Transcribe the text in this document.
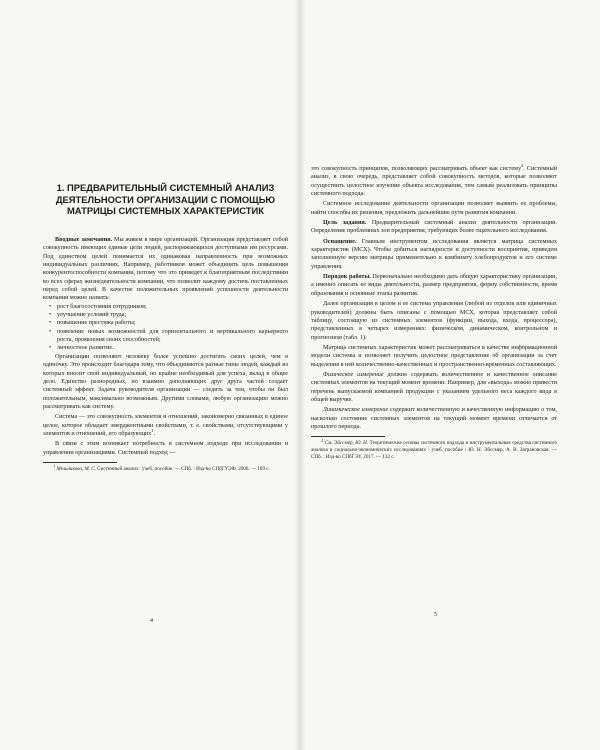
1. ПРЕДВАРИТЕЛЬНЫЙ СИСТЕМНЫЙ АНАЛИЗ ДЕЯТЕЛЬНОСТИ ОРГАНИЗАЦИИ С ПОМОЩЬЮ МАТРИЦЫ СИСТЕМНЫХ ХАРАКТЕРИСТИК

Вводные замечания. Мы живем в мире организаций. Организация представляет собой совокупность имеющих единые цели людей, распоряжающихся доступными им ресурсами. Под единством целей понимается их одинаковая направленность при возможных индивидуальных различиях. Например, работников может объединять цель повышения конкурентоспособности компании, потому что это приведет к благоприятным последствиям во всех сферах жизнедеятельности компании, что позволит каждому достичь поставленных перед собой целей. В качестве положительных проявлений успешности деятельности компании можно назвать:

• рост благосостояния сотрудников;
• улучшение условий труда;
• повышение престижа работы;
• появление новых возможностей для горизонтального и вертикального карьерного роста, проявления своих способностей;
• личностное развитие.

Организации позволяют человеку более успешно достигать своих целей, чем в одиночку. Это происходит благодаря тому, что объединяются разные типы людей, каждый из которых вносит свой индивидуальный, но крайне необходимый для успеха, вклад в общее дело. Единство разнородных, но взаимно дополняющих друг друга частей создает системный эффект. Задача руководителя организации — следить за тем, чтобы он был положительным, максимально возможным. Другими словами, любую организацию можно рассматривать как систему.

Система — это совокупность элементов и отношений, закономерно связанных в единое целое, которое обладает эмерджентными свойствами, т. е. свойствами, отсутствующими у элементов и отношений, его образующих$^1$.

В связи с этим возникает потребность в системном подходе при исследовании и управлении организациями. Системный подход —

$^1$ Мельникова, М. С. Системный анализ : учеб. пособие. — СПб. : Изд-во СПбГУЭФ, 2006. — 189 с.

4

это совокупность принципов, позволяющих рассматривать объект как систему$^2$. Системный анализ, в свою очередь, представляет собой совокупность методов, которые позволяют осуществить целостное изучение объекта исследования, тем самым реализовать принципы системного подхода.

Системное исследование деятельности организации позволяет выявить ее проблемы, найти способы их решения, предложить дальнейшие пути развития компании.

Цель задания. Предварительный системный анализ деятельности организации. Определение проблемных зон предприятия, требующих более тщательного исследования.

Оснащение. Главным инструментом исследования является матрица системных характеристик (МСХ). Чтобы добиться наглядности и доступности восприятия, приведем заполненную версию матрицы применительно к комбинату хлебопродуктов и его системе управления.

Порядок работы. Первоначально необходимо дать общую характеристику организации, а именно описать ее виды деятельности, размер предприятия, форму собственности, время образования и основные этапы развития.

Далее организация в целом и ее система управления (любой из отделов или единичных руководителей) должны быть описаны с помощью МСХ, которая представляет собой таблицу, состоящую из системных элементов (функции, выхода, входа, процессора), представленных в четырех измерениях: физическом, динамическом, контрольном и прогнозном (табл. 1).

Матрица системных характеристик может рассматриваться в качестве информационной модели системы и позволяет получить целостное представление об организации за счет выделения в ней количественно-качественных и пространственно-временных составляющих.

Физическое измерение должно содержать количественное и качественное описание системных элементов на текущий момент времени. Например, для «выхода» можно привести перечень выпускаемой компанией продукции с указанием удельного веса каждого вида в общей выручке.

Динамическое измерение содержит количественную и качественную информацию о том, насколько состояние системных элементов на текущий момент времени отличается от прошлого периода.

$^2$ См. Эйссмер, Ю. Н. Теоретические основы системного подхода и инструментальные средства системного анализа в социально-экономических исследованиях : учеб. пособие / Ю. Н. Эйссмер, А. В. Заграновская. — СПб. : Изд-во СПбГЭУ, 2017. — 132 с.

5
